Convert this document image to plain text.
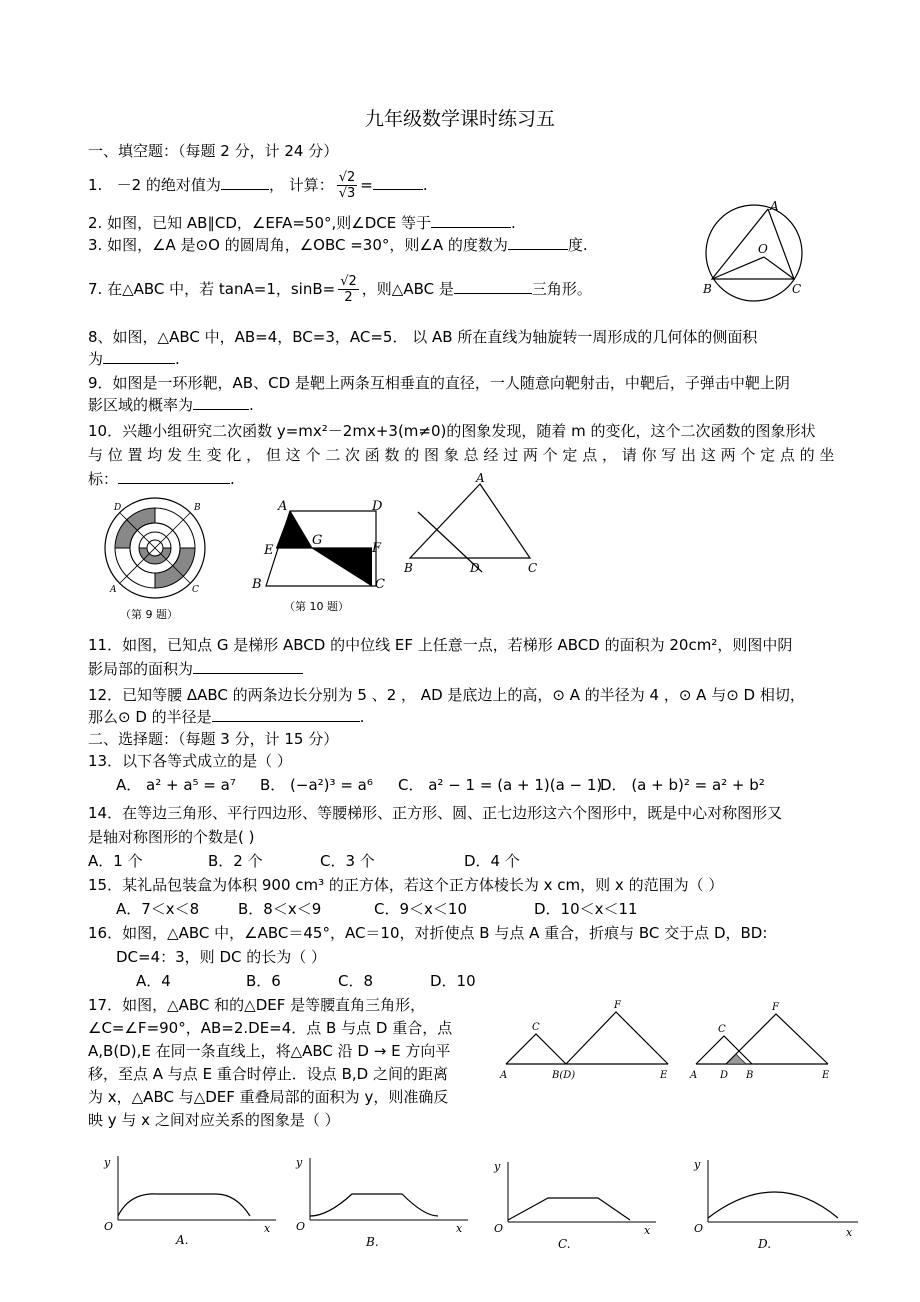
九年级数学课时练习五
一、填空题：（每题 2 分，计 24 分）
1. －2 的绝对值为	， 计算： $\frac{√2}{√3}$ =	.
2. 如图，已知 AB∥CD，∠EFA=50°,则∠DCE 等于	.
3. 如图，∠A 是⊙O 的圆周角，∠OBC =30°，则∠A 的度数为	度.
A
O
B	C
7. 在△ABC 中，若 tanA=1，$\sin B= \frac{√2}{2}$ ，则△ABC 是	三角形。
8、如图，△ABC 中，AB=4，BC=3，AC=5． 以 AB 所在直线为轴旋转一周形成的几何体的侧面积
为	.
9．如图是一环形靶，AB、CD 是靶上两条互相垂直的直径，一人随意向靶射击，中靶后，子弹击中靶上阴
影区域的概率为	.
10．兴趣小组研究二次函数 y=mx²－2mx+3(m≠0)的图象发现，随着 m 的变化，这个二次函数的图象形状
与 位 置 均 发 生 变 化 ， 但 这 个 二 次 函 数 的 图 象 总 经 过 两 个 定 点 ， 请 你 写 出 这 两 个 定 点 的 坐
标：	.
D	B
A	C
（第 9 题）
A	D
E
G
F
B	C
（第 10 题）
A
B	D	C
11．如图，已知点 G 是梯形 ABCD 的中位线 EF 上任意一点，若梯形 ABCD 的面积为 20cm²，则图中阴
影局部的面积为
12．已知等腰 ΔABC 的两条边长分别为 5 、2 ， AD 是底边上的高，⊙ A 的半径为 4 ，⊙ A 与⊙ D 相切，
那么⊙ D 的半径是	.
二、选择题：（每题 3 分，计 15 分）
13．以下各等式成立的是（ ）
A． a² + a⁵ = a⁷ B． (−a²)³ = a⁶ C． a² − 1 = (a + 1)(a − 1)
D． (a + b)² = a² + b²
14．在等边三角形、平行四边形、等腰梯形、正方形、圆、正七边形这六个图形中，既是中心对称图形又
是轴对称图形的个数是( )
A．1 个	B．2 个	C．3 个	D．4 个
15．某礼品包装盒为体积 900 cm³ 的正方体，若这个正方体棱长为 x cm，则 x 的范围为（ ）
A．7＜x＜8	B．8＜x＜9	C．9＜x＜10	D．10＜x＜11
16．如图，△ABC 中，∠ABC＝45°，AC＝10，对折使点 B 与点 A 重合，折痕与 BC 交于点 D，BD:
DC=4：3，则 DC 的长为（ ）
A．4	B．6	C．8	D．10
17．如图，△ABC 和的△DEF 是等腰直角三角形，
∠C=∠F=90°，AB=2.DE=4．点 B 与点 D 重合，点
A,B(D),E 在同一条直线上，将△ABC 沿 D → E 方向平
移，至点 A 与点 E 重合时停止．设点 B,D 之间的距离
为 x，△ABC 与△DEF 重叠局部的面积为 y，则准确反
映 y 与 x 之间对应关系的图象是（ ）
C
F
A	B(D)	E
C
F
A D B	E
y
O	x
A.
y
O	x
B.
y
O	x
C.
y
O	x
D.
